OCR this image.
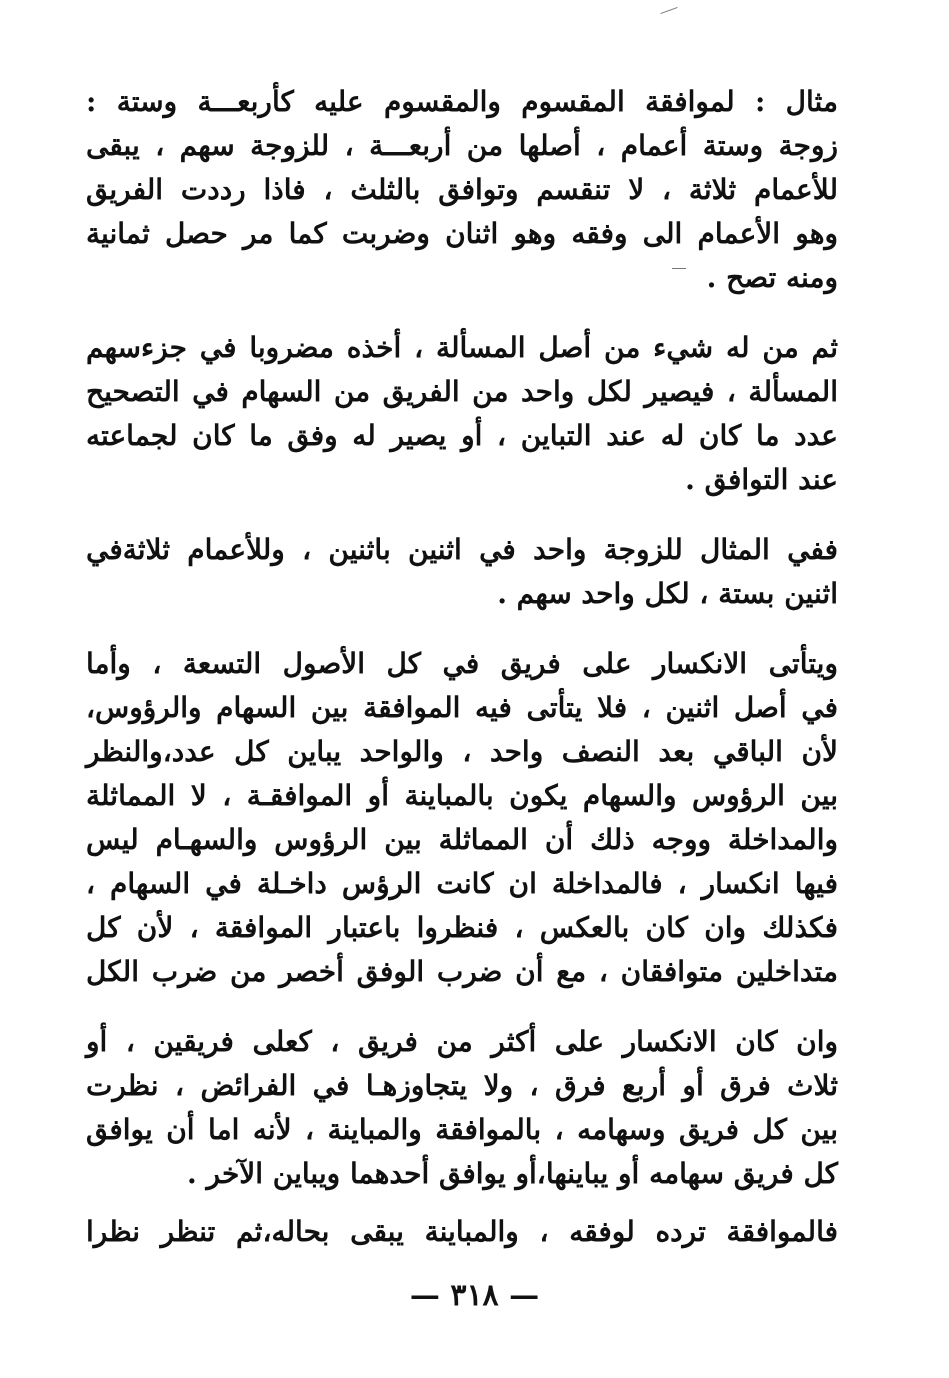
مثال : لموافقة المقسوم والمقسوم عليه كأربعـــة وستة :
زوجة وستة أعمام ، أصلها من أربعـــة ، للزوجة سهم ، يبقى
للأعمام ثلاثة ، لا تنقسم وتوافق بالثلث ، فاذا رددت الفريق
وهو الأعمام الى وفقه وهو اثنان وضربت كما مر حصل ثمانية
ومنه تصح .

ثم من له شيء من أصل المسألة ، أخذه مضروبا في جزءسهم
المسألة ، فيصير لكل واحد من الفريق من السهام في التصحيح
عدد ما كان له عند التباين ، أو يصير له وفق ما كان لجماعته
عند التوافق .

ففي المثال للزوجة واحد في اثنين باثنين ، وللأعمام ثلاثةفي
اثنين بستة ، لكل واحد سهم .

ويتأتى الانكسار على فريق في كل الأصول التسعة ، وأما
في أصل اثنين ، فلا يتأتى فيه الموافقة بين السهام والرؤوس،
لأن الباقي بعد النصف واحد ، والواحد يباين كل عدد،والنظر
بين الرؤوس والسهام يكون بالمباينة أو الموافقـة ، لا المماثلة
والمداخلة ووجه ذلك أن المماثلة بين الرؤوس والسهـام ليس
فيها انكسار ، فالمداخلة ان كانت الرؤس داخـلة في السهام ،
فكذلك وان كان بالعكس ، فنظروا باعتبار الموافقة ، لأن كل
متداخلين متوافقان ، مع أن ضرب الوفق أخصر من ضرب الكل

وان كان الانكسار على أكثر من فريق ، كعلى فريقين ، أو
ثلاث فرق أو أربع فرق ، ولا يتجاوزهـا في الفرائض ، نظرت
بين كل فريق وسهامه ، بالموافقة والمباينة ، لأنه اما أن يوافق
كل فريق سهامه أو يباينها،أو يوافق أحدهما ويباين الآخر .

فالموافقة ترده لوفقه ، والمباينة يبقى بحاله،ثم تنظر نظرا

— ٣١٨ —
